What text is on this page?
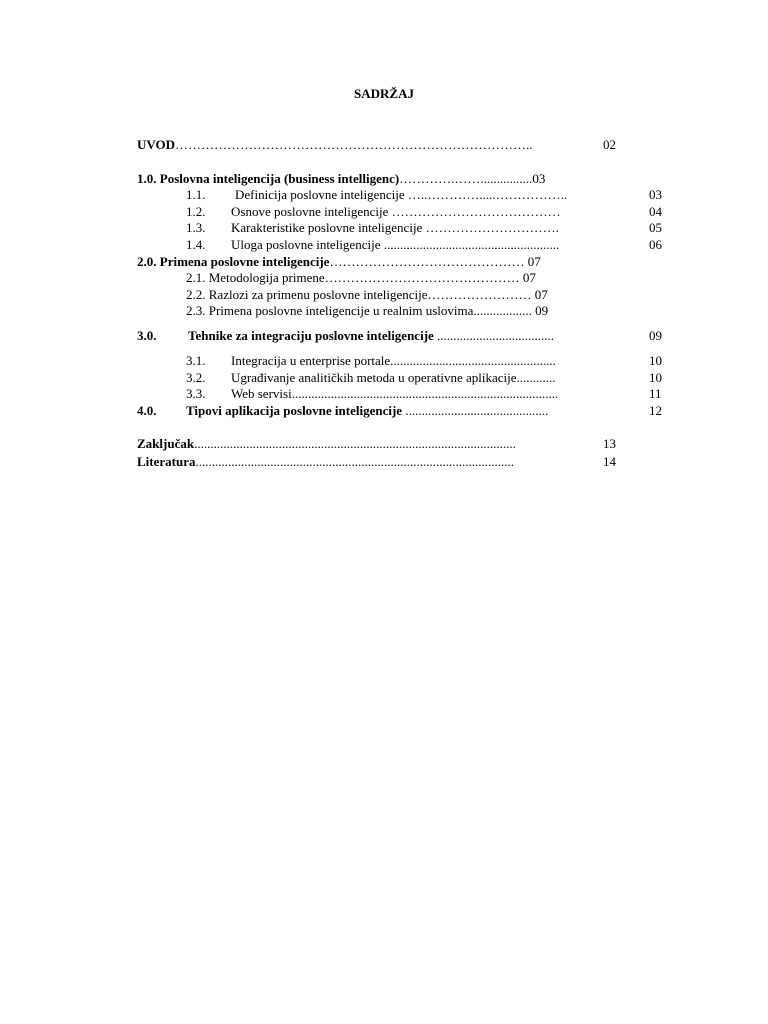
SADRŽAJ
UVOD………………………………………………………………………..	02
1.0. Poslovna inteligencija (business intelligenc)………….……................03
1.1. Definicija poslovne inteligencije …..………….....……………..	03
1.2. Osnove poslovne inteligencije …………………………………	04
1.3. Karakteristike poslovne inteligencije ………………………….	05
1.4. Uloga poslovne inteligencije ......................................................	06
2.0. Primena poslovne inteligencije……………………………………… 07
2.1. Metodologija primene……………………………………… 07
2.2. Razlozi za primenu poslovne inteligencije…………………… 07
2.3. Primena poslovne inteligencije u realnim uslovima.................. 09
3.0. Tehnike za integraciju poslovne inteligencije ....................................	09
3.1. Integracija u enterprise portale...................................................	10
3.2. Ugrađivanje analitičkih metoda u operativne aplikacije............	10
3.3. Web servisi..................................................................................	11
4.0. Tipovi aplikacija poslovne inteligencije ............................................	12
Zaključak...................................................................................................	13
Literatura..................................................................................................	14
